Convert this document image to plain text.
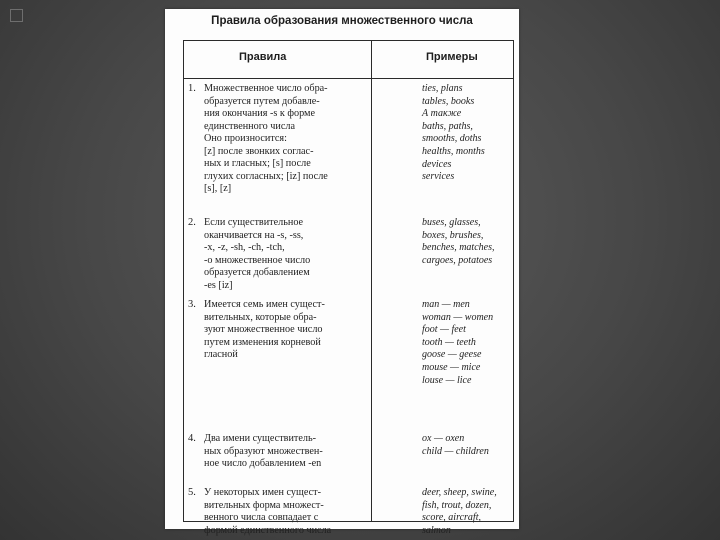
Правила образования множественного числа
Правила	Примеры
1. Множественное число обра-
образуется путем добавле-
ния окончания -s к форме
единственного числа
Оно произносится:
[z] после звонких соглас-
ных и гласных; [s] после
глухих согласных; [iz] после
[s], [z]
ties, plans
tables, books
А также
baths, paths,
smooths, doths
healths, months
devices
services
2. Если существительное
оканчивается на -s, -ss,
-x, -z, -sh, -ch, -tch,
-o множественное число
образуется добавлением
-es [iz]
buses, glasses,
boxes, brushes,
benches, matches,
cargoes, potatoes
3. Имеется семь имен сущест-
вительных, которые обра-
зуют множественное число
путем изменения корневой
гласной
man — men
woman — women
foot — feet
tooth — teeth
goose — geese
mouse — mice
louse — lice
4. Два имени существитель-
ных образуют множествен-
ное число добавлением -en
ox — oxen
child — children
5. У некоторых имен сущест-
вительных форма множест-
венного числа совпадает с
формой единственного числа
deer, sheep, swine,
fish, trout, dozen,
score, aircraft,
salmon
